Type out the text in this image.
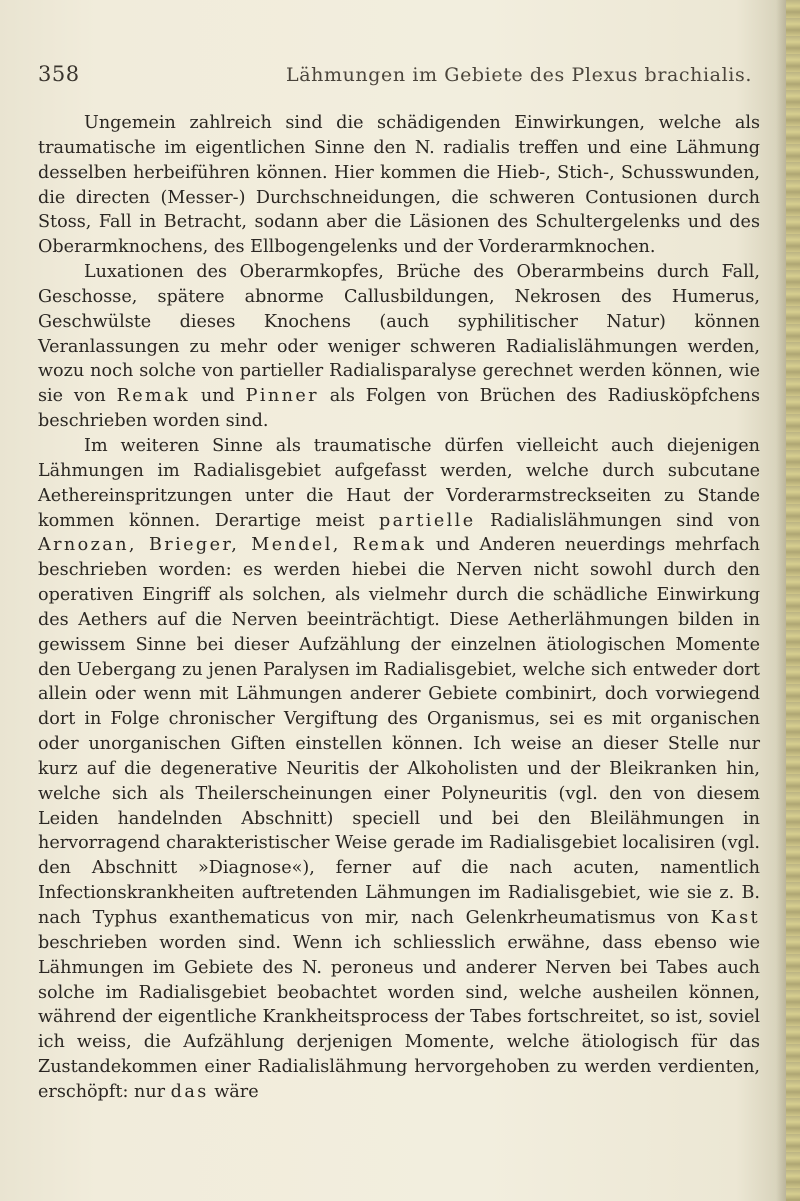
358	Lähmungen im Gebiete des Plexus brachialis.

Ungemein zahlreich sind die schädigenden Einwirkungen, welche als traumatische im eigentlichen Sinne den N. radialis treffen und eine Lähmung desselben herbeiführen können. Hier kommen die Hieb-, Stich-, Schusswunden, die directen (Messer-) Durchschneidungen, die schweren Contusionen durch Stoss, Fall in Betracht, sodann aber die Läsionen des Schultergelenks und des Oberarmknochens, des Ellbogengelenks und der Vorderarmknochen.

Luxationen des Oberarmkopfes, Brüche des Oberarmbeins durch Fall, Geschosse, spätere abnorme Callusbildungen, Nekrosen des Humerus, Geschwülste dieses Knochens (auch syphilitischer Natur) können Veranlassungen zu mehr oder weniger schweren Radialislähmungen werden, wozu noch solche von partieller Radialisparalyse gerechnet werden können, wie sie von Remak und Pinner als Folgen von Brüchen des Radiusköpfchens beschrieben worden sind.

Im weiteren Sinne als traumatische dürfen vielleicht auch diejenigen Lähmungen im Radialisgebiet aufgefasst werden, welche durch subcutane Aethereinspritzungen unter die Haut der Vorderarmstreckseiten zu Stande kommen können. Derartige meist partielle Radialislähmungen sind von Arnozan, Brieger, Mendel, Remak und Anderen neuerdings mehrfach beschrieben worden: es werden hiebei die Nerven nicht sowohl durch den operativen Eingriff als solchen, als vielmehr durch die schädliche Einwirkung des Aethers auf die Nerven beeinträchtigt. Diese Aetherlähmungen bilden in gewissem Sinne bei dieser Aufzählung der einzelnen ätiologischen Momente den Uebergang zu jenen Paralysen im Radialisgebiet, welche sich entweder dort allein oder wenn mit Lähmungen anderer Gebiete combinirt, doch vorwiegend dort in Folge chronischer Vergiftung des Organismus, sei es mit organischen oder unorganischen Giften einstellen können. Ich weise an dieser Stelle nur kurz auf die degenerative Neuritis der Alkoholisten und der Bleikranken hin, welche sich als Theilerscheinungen einer Polyneuritis (vgl. den von diesem Leiden handelnden Abschnitt) speciell und bei den Bleilähmungen in hervorragend charakteristischer Weise gerade im Radialisgebiet localisiren (vgl. den Abschnitt »Diagnose«), ferner auf die nach acuten, namentlich Infectionskrankheiten auftretenden Lähmungen im Radialisgebiet, wie sie z. B. nach Typhus exanthematicus von mir, nach Gelenkrheumatismus von Kast beschrieben worden sind. Wenn ich schliesslich erwähne, dass ebenso wie Lähmungen im Gebiete des N. peroneus und anderer Nerven bei Tabes auch solche im Radialisgebiet beobachtet worden sind, welche ausheilen können, während der eigentliche Krankheitsprocess der Tabes fortschreitet, so ist, soviel ich weiss, die Aufzählung derjenigen Momente, welche ätiologisch für das Zustandekommen einer Radialislähmung hervorgehoben zu werden verdienten, erschöpft: nur das wäre
